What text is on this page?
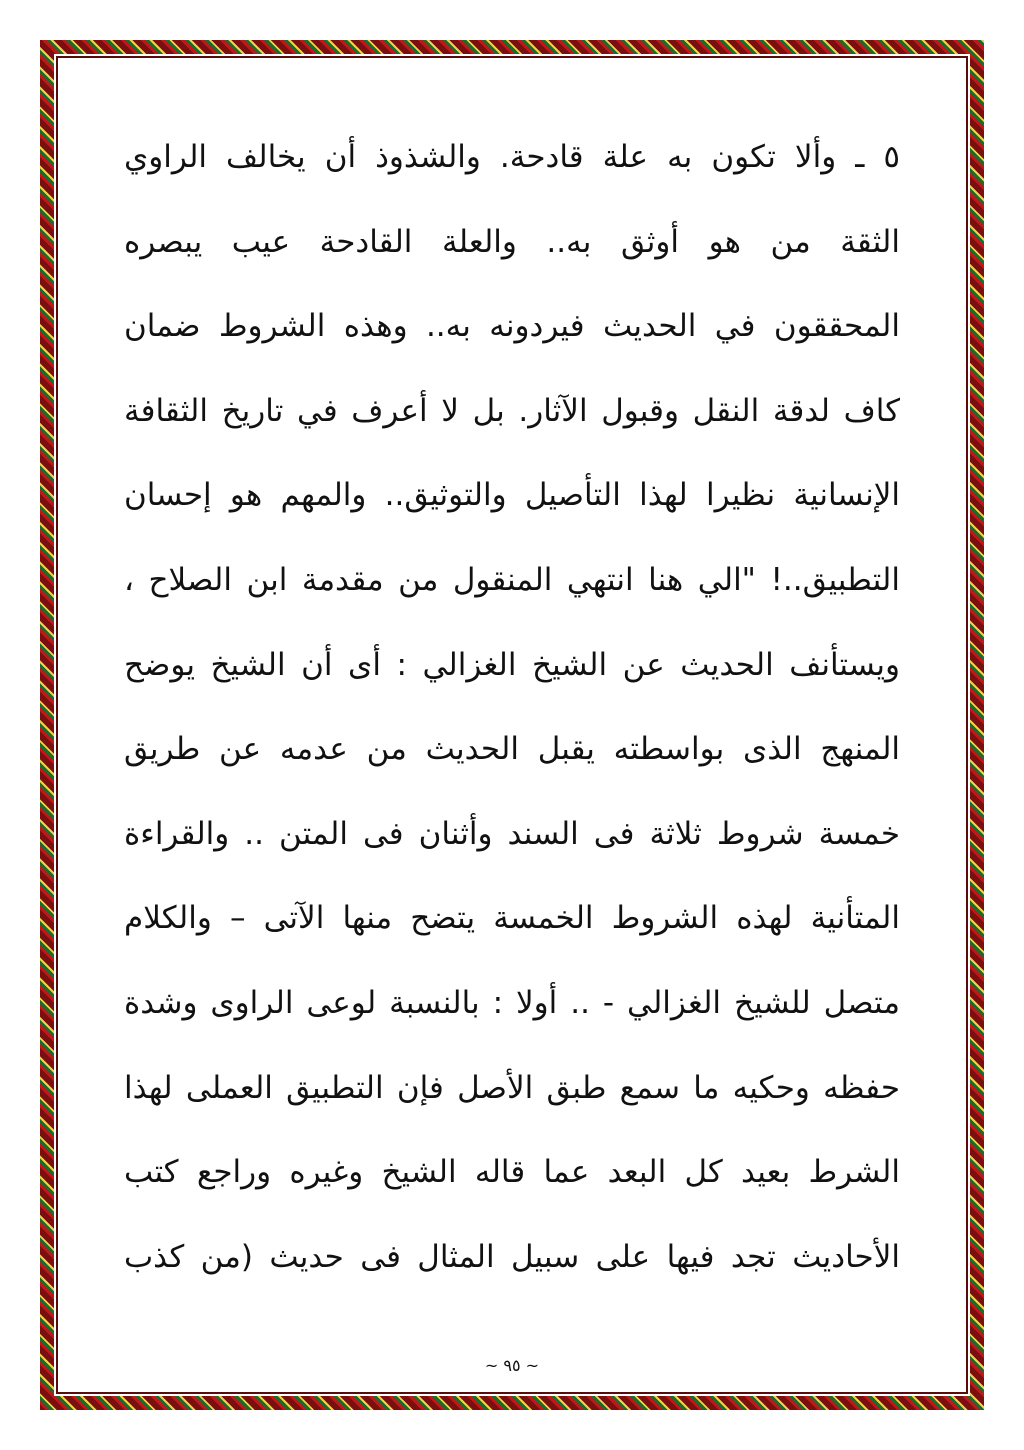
٥ ـ وألا تكون به علة قادحة. والشذوذ أن يخالف الراوي
الثقة من هو أوثق به.. والعلة القادحة عيب يبصره
المحققون في الحديث فيردونه به.. وهذه الشروط ضمان
كاف لدقة النقل وقبول الآثار. بل لا أعرف في تاريخ الثقافة
الإنسانية نظيرا لهذا التأصيل والتوثيق.. والمهم هو إحسان
التطبيق..! "الي هنا انتهي المنقول من مقدمة ابن الصلاح ،
ويستأنف الحديث عن الشيخ الغزالي : أى أن الشيخ يوضح
المنهج الذى بواسطته يقبل الحديث من عدمه عن طريق
خمسة شروط ثلاثة فى السند وأثنان فى المتن .. والقراءة
المتأنية لهذه الشروط الخمسة يتضح منها الآتى – والكلام
متصل للشيخ الغزالي - .. أولا : بالنسبة لوعى الراوى وشدة
حفظه وحكيه ما سمع طبق الأصل فإن التطبيق العملى لهذا
الشرط بعيد كل البعد عما قاله الشيخ وغيره وراجع كتب
الأحاديث تجد فيها على سبيل المثال فى حديث (من كذب
~ ٩٥ ~
